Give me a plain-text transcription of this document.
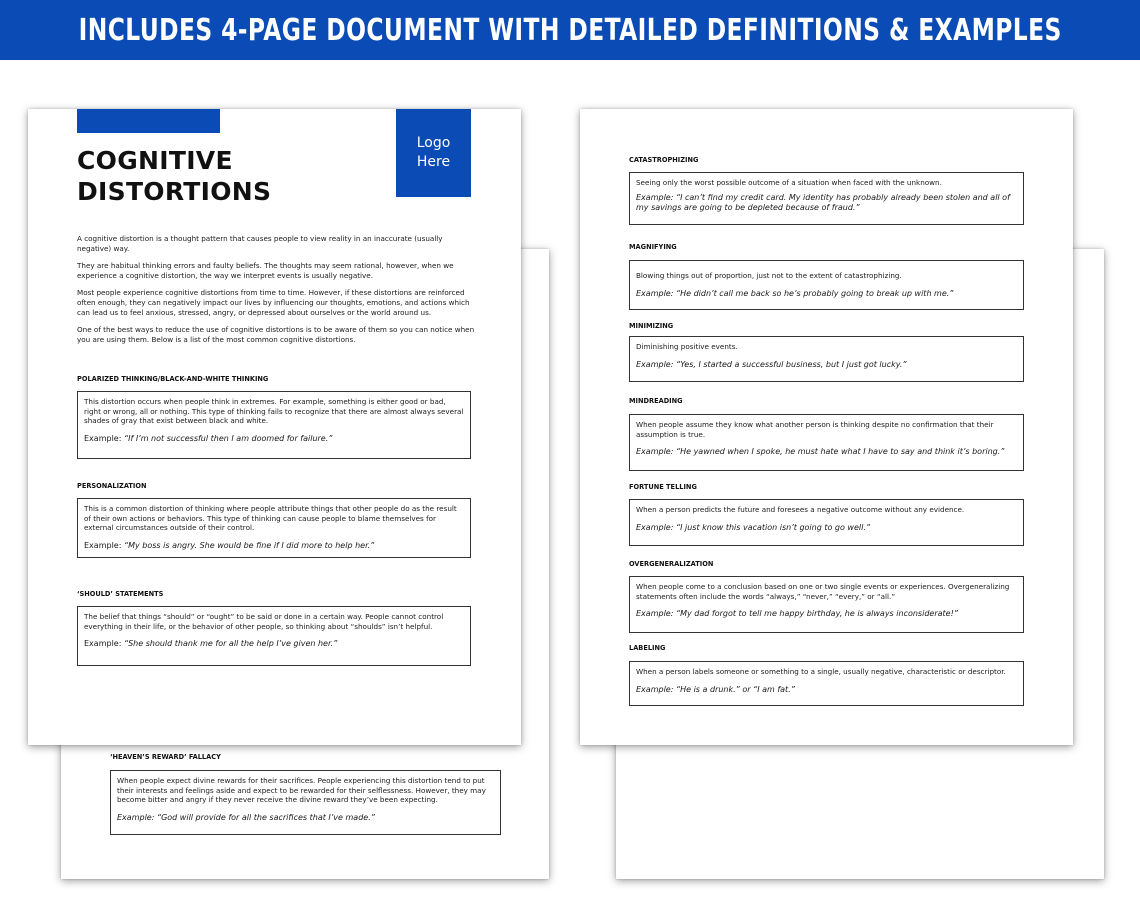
INCLUDES 4-PAGE DOCUMENT WITH DETAILED DEFINITIONS & EXAMPLES
‘HEAVEN’S REWARD’ FALLACY

When people expect divine rewards for their sacrifices. People experiencing this distortion tend to put their interests and feelings aside and expect to be rewarded for their selflessness. However, they may become bitter and angry if they never receive the divine reward they’ve been expecting.

Example: “God will provide for all the sacrifices that I’ve made.”

Logo
Here
COGNITIVE
DISTORTIONS

A cognitive distortion is a thought pattern that causes people to view reality in an inaccurate (usually negative) way.

They are habitual thinking errors and faulty beliefs. The thoughts may seem rational, however, when we experience a cognitive distortion, the way we interpret events is usually negative.

Most people experience cognitive distortions from time to time. However, if these distortions are reinforced often enough, they can negatively impact our lives by influencing our thoughts, emotions, and actions which can lead us to feel anxious, stressed, angry, or depressed about ourselves or the world around us.

One of the best ways to reduce the use of cognitive distortions is to be aware of them so you can notice when you are using them. Below is a list of the most common cognitive distortions.

POLARIZED THINKING/BLACK-AND-WHITE THINKING

This distortion occurs when people think in extremes. For example, something is either good or bad, right or wrong, all or nothing. This type of thinking fails to recognize that there are almost always several shades of gray that exist between black and white.

Example: “If I’m not successful then I am doomed for failure.”

PERSONALIZATION

This is a common distortion of thinking where people attribute things that other people do as the result of their own actions or behaviors. This type of thinking can cause people to blame themselves for external circumstances outside of their control.

Example: “My boss is angry. She would be fine if I did more to help her.”

‘SHOULD’ STATEMENTS

The belief that things “should” or “ought” to be said or done in a certain way. People cannot control everything in their life, or the behavior of other people, so thinking about “shoulds” isn’t helpful.

Example: “She should thank me for all the help I’ve given her.”

CATASTROPHIZING

Seeing only the worst possible outcome of a situation when faced with the unknown.

Example: “I can’t find my credit card. My identity has probably already been stolen and all of my savings are going to be depleted because of fraud.”

MAGNIFYING

Blowing things out of proportion, just not to the extent of catastrophizing.

Example: “He didn’t call me back so he’s probably going to break up with me.”

MINIMIZING

Diminishing positive events.

Example: “Yes, I started a successful business, but I just got lucky.”

MINDREADING

When people assume they know what another person is thinking despite no confirmation that their assumption is true.

Example: “He yawned when I spoke, he must hate what I have to say and think it’s boring.”

FORTUNE TELLING

When a person predicts the future and foresees a negative outcome without any evidence.

Example: “I just know this vacation isn’t going to go well.”

OVERGENERALIZATION

When people come to a conclusion based on one or two single events or experiences. Overgeneralizing statements often include the words “always,” “never,” “every,” or “all.”

Example: “My dad forgot to tell me happy birthday, he is always inconsiderate!”

LABELING

When a person labels someone or something to a single, usually negative, characteristic or descriptor.

Example: “He is a drunk.” or “I am fat.”
